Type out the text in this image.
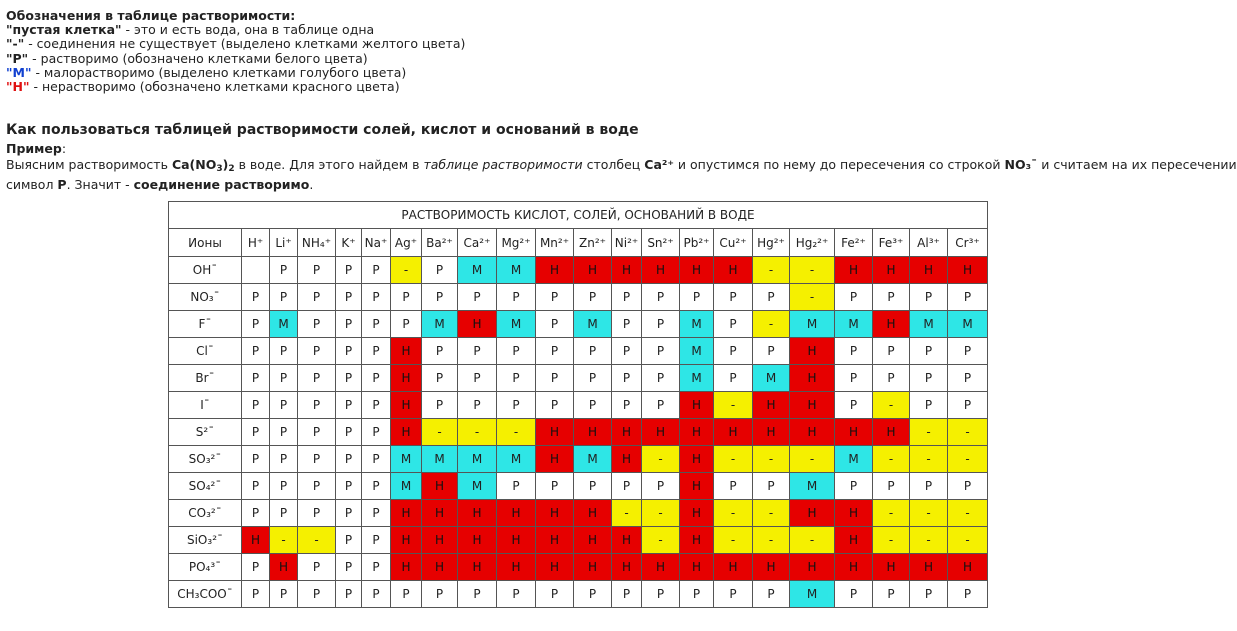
Обозначения в таблице растворимости:
"пустая клетка" - это и есть вода, она в таблице одна
"-" - соединения не существует (выделено клетками желтого цвета)
"P" - растворимо (обозначено клетками белого цвета)
"М" - малорастворимо (выделено клетками голубого цвета)
"Н" - нерастворимо (обозначено клетками красного цвета)
Как пользоваться таблицей растворимости солей, кислот и оснований в воде
Пример:
Выясним растворимость $Ca(NO_3)_2$ в воде. Для этого найдем в таблице растворимости столбец Ca²⁺ и опустимся по нему до пересечения со строкой NO₃¯ и считаем на их пересечении
символ Р. Значит - соединение растворимо.
РАСТВОРИМОСТЬ КИСЛОТ, СОЛЕЙ, ОСНОВАНИЙ В ВОДЕ																					
Ионы	H⁺	Li⁺	NH₄⁺	K⁺	Na⁺	Ag⁺	Ba²⁺	Ca²⁺	Mg²⁺	Mn²⁺	Zn²⁺	Ni²⁺	Sn²⁺	Pb²⁺	Cu²⁺	Hg²⁺	Hg₂²⁺	Fe²⁺	Fe³⁺	Al³⁺	Cr³⁺
OH¯		Р	Р	Р	Р	-	Р	М	М	Н	Н	Н	Н	Н	Н	-	-	Н	Н	Н	Н
NO₃¯	Р	Р	Р	Р	Р	Р	Р	Р	Р	Р	Р	Р	Р	Р	Р	Р	-	Р	Р	Р	Р
F¯	Р	М	Р	Р	Р	Р	М	Н	М	Р	М	Р	Р	М	Р	-	М	М	Н	М	М
Cl¯	Р	Р	Р	Р	Р	Н	Р	Р	Р	Р	Р	Р	Р	М	Р	Р	Н	Р	Р	Р	Р
Br¯	Р	Р	Р	Р	Р	Н	Р	Р	Р	Р	Р	Р	Р	М	Р	М	Н	Р	Р	Р	Р
I¯	Р	Р	Р	Р	Р	Н	Р	Р	Р	Р	Р	Р	Р	Н	-	Н	Н	Р	-	Р	Р
S²¯	Р	Р	Р	Р	Р	Н	-	-	-	Н	Н	Н	Н	Н	Н	Н	Н	Н	Н	-	-
SO₃²¯	Р	Р	Р	Р	Р	М	М	М	М	Н	М	Н	-	Н	-	-	-	М	-	-	-
SO₄²¯	Р	Р	Р	Р	Р	М	Н	М	Р	Р	Р	Р	Р	Н	Р	Р	М	Р	Р	Р	Р
CO₃²¯	Р	Р	Р	Р	Р	Н	Н	Н	Н	Н	Н	-	-	Н	-	-	Н	Н	-	-	-
SiO₃²¯	Н	-	-	Р	Р	Н	Н	Н	Н	Н	Н	Н	-	Н	-	-	-	Н	-	-	-
PO₄³¯	Р	Н	Р	Р	Р	Н	Н	Н	Н	Н	Н	Н	Н	Н	Н	Н	Н	Н	Н	Н	Н
CH₃COO¯	Р	Р	Р	Р	Р	Р	Р	Р	Р	Р	Р	Р	Р	Р	Р	Р	М	Р	Р	Р	Р
